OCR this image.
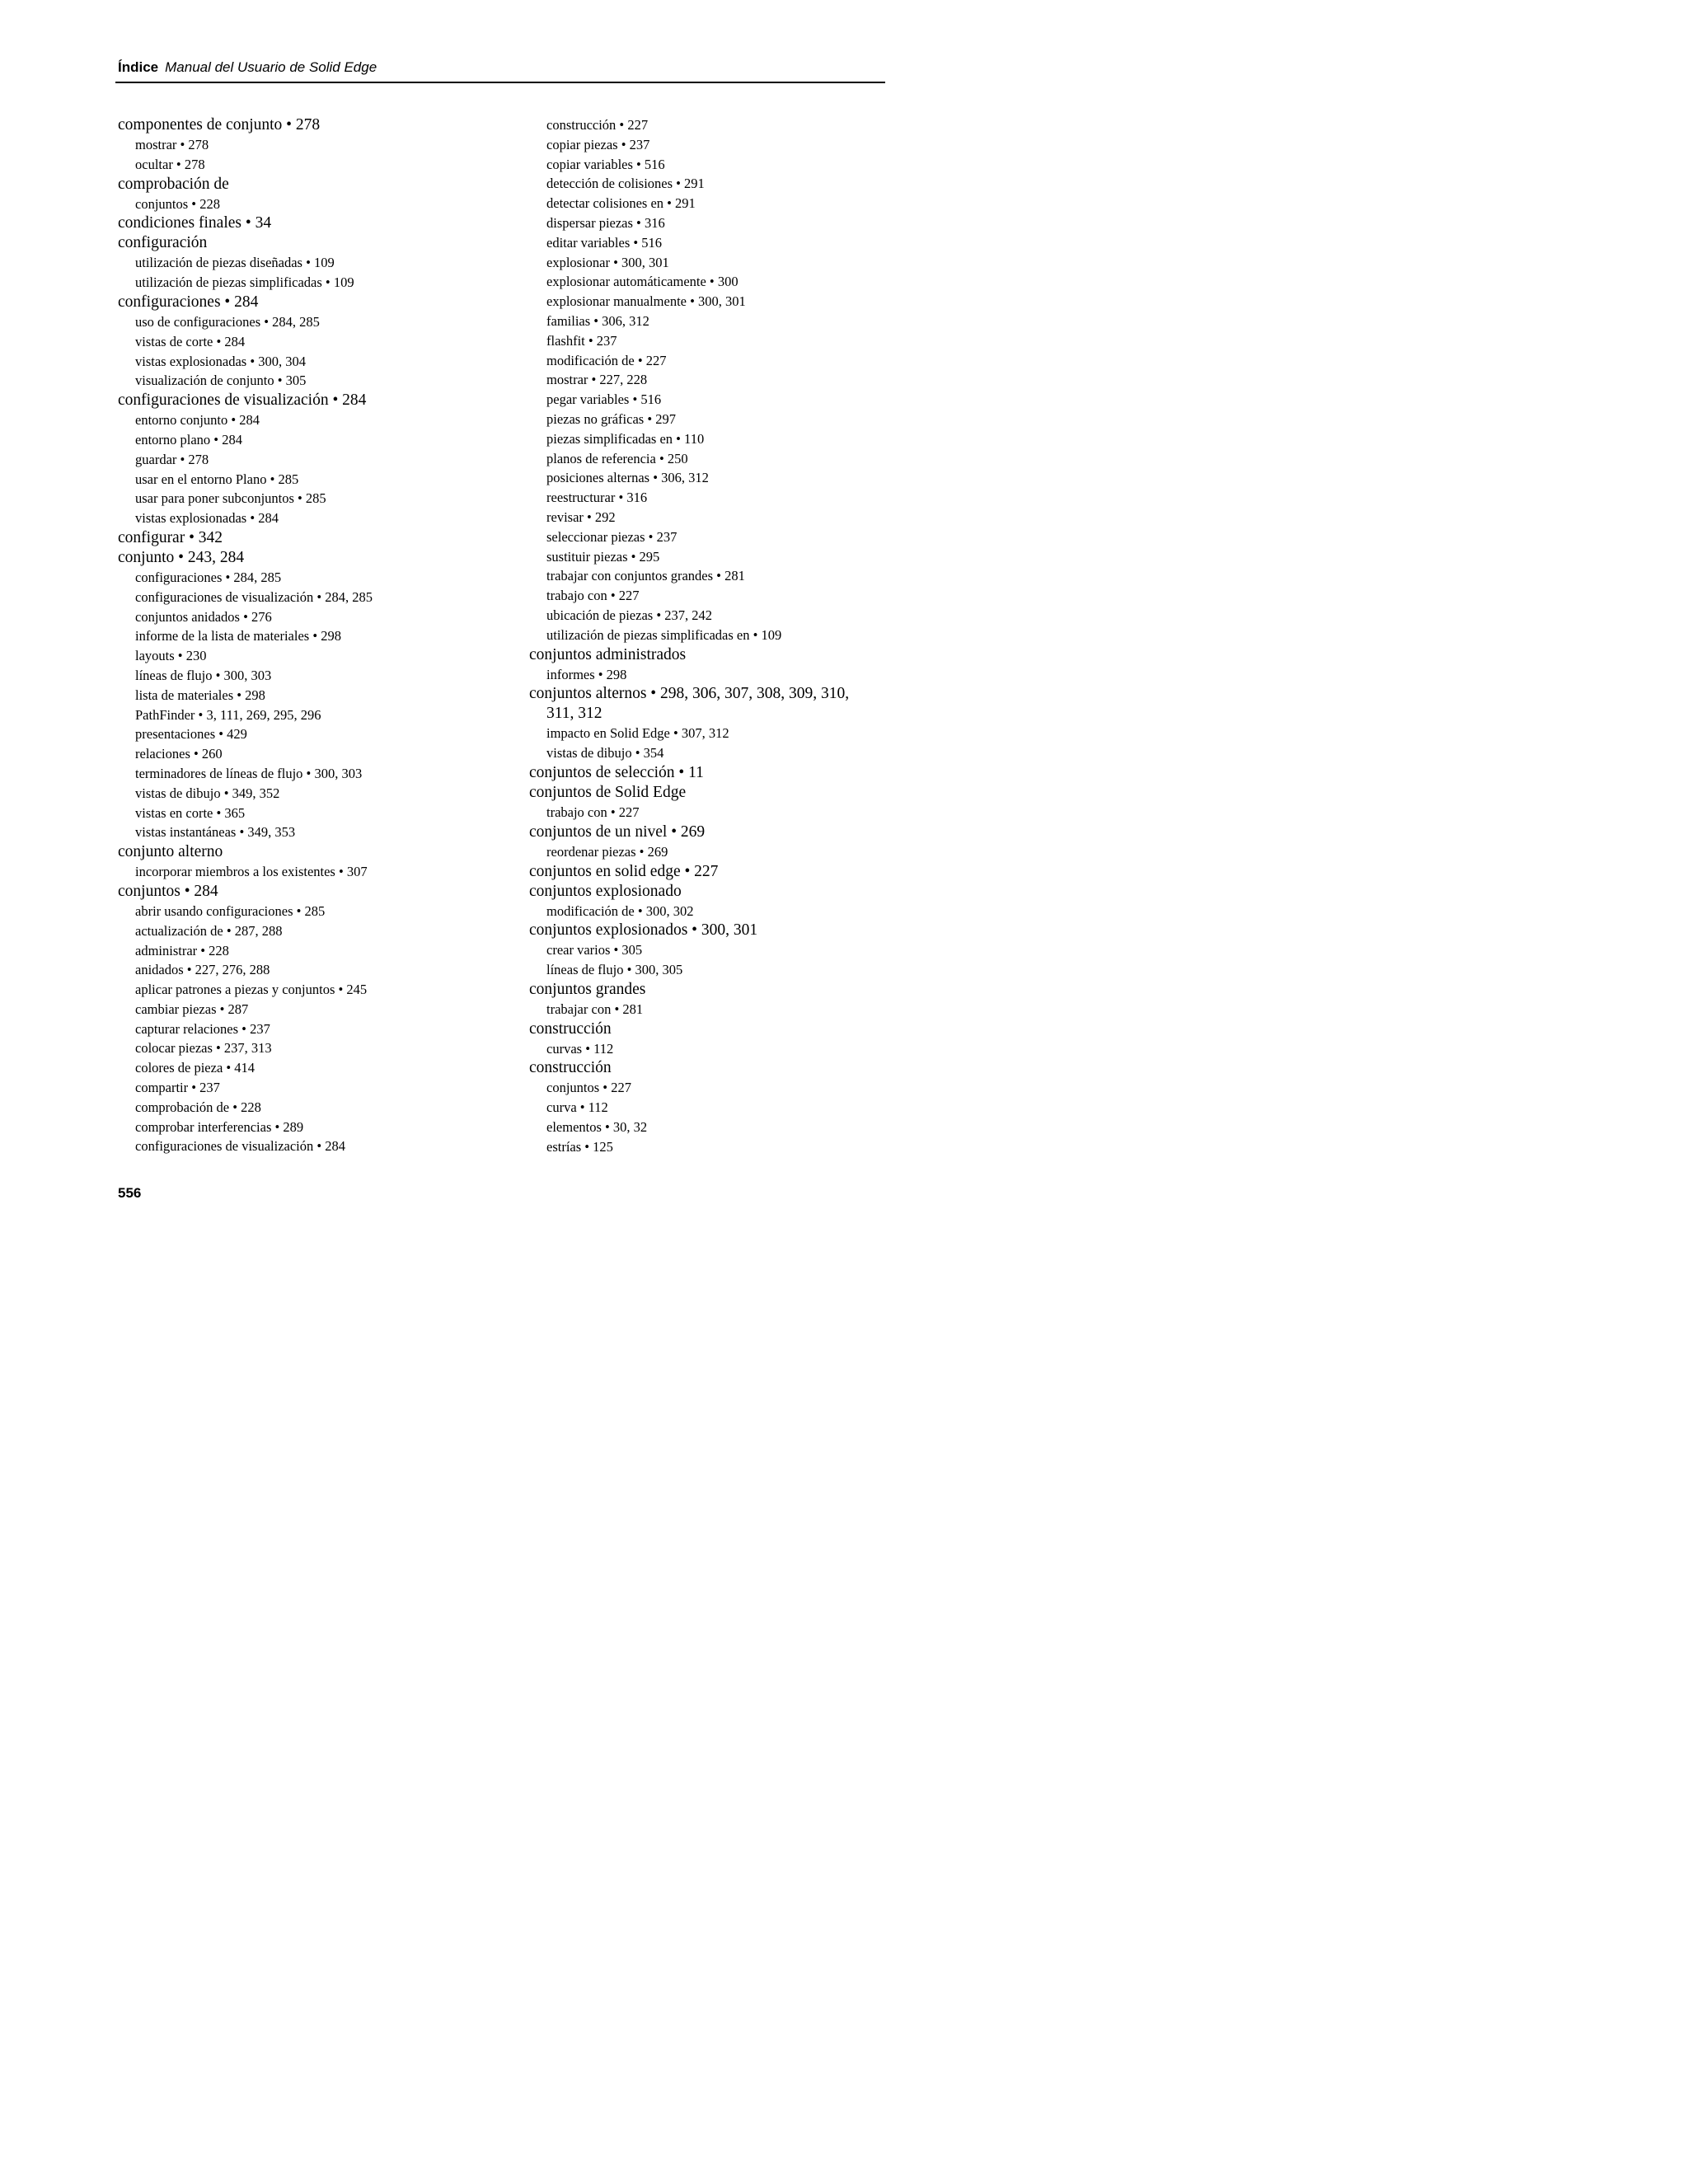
Índice Manual del Usuario de Solid Edge
componentes de conjunto • 278
mostrar • 278
ocultar • 278
comprobación de
conjuntos • 228
condiciones finales • 34
configuración
utilización de piezas diseñadas • 109
utilización de piezas simplificadas • 109
configuraciones • 284
uso de configuraciones • 284, 285
vistas de corte • 284
vistas explosionadas • 300, 304
visualización de conjunto • 305
configuraciones de visualización • 284
entorno conjunto • 284
entorno plano • 284
guardar • 278
usar en el entorno Plano • 285
usar para poner subconjuntos • 285
vistas explosionadas • 284
configurar • 342
conjunto • 243, 284
configuraciones • 284, 285
configuraciones de visualización • 284, 285
conjuntos anidados • 276
informe de la lista de materiales • 298
layouts • 230
líneas de flujo • 300, 303
lista de materiales • 298
PathFinder • 3, 111, 269, 295, 296
presentaciones • 429
relaciones • 260
terminadores de líneas de flujo • 300, 303
vistas de dibujo • 349, 352
vistas en corte • 365
vistas instantáneas • 349, 353
conjunto alterno
incorporar miembros a los existentes • 307
conjuntos • 284
abrir usando configuraciones • 285
actualización de • 287, 288
administrar • 228
anidados • 227, 276, 288
aplicar patrones a piezas y conjuntos • 245
cambiar piezas • 287
capturar relaciones • 237
colocar piezas • 237, 313
colores de pieza • 414
compartir • 237
comprobación de • 228
comprobar interferencias • 289
configuraciones de visualización • 284
construcción • 227
copiar piezas • 237
copiar variables • 516
detección de colisiones • 291
detectar colisiones en • 291
dispersar piezas • 316
editar variables • 516
explosionar • 300, 301
explosionar automáticamente • 300
explosionar manualmente • 300, 301
familias • 306, 312
flashfit • 237
modificación de • 227
mostrar • 227, 228
pegar variables • 516
piezas no gráficas • 297
piezas simplificadas en • 110
planos de referencia • 250
posiciones alternas • 306, 312
reestructurar • 316
revisar • 292
seleccionar piezas • 237
sustituir piezas • 295
trabajar con conjuntos grandes • 281
trabajo con • 227
ubicación de piezas • 237, 242
utilización de piezas simplificadas en • 109
conjuntos administrados
informes • 298
conjuntos alternos • 298, 306, 307, 308, 309, 310,
311, 312
impacto en Solid Edge • 307, 312
vistas de dibujo • 354
conjuntos de selección • 11
conjuntos de Solid Edge
trabajo con • 227
conjuntos de un nivel • 269
reordenar piezas • 269
conjuntos en solid edge • 227
conjuntos explosionado
modificación de • 300, 302
conjuntos explosionados • 300, 301
crear varios • 305
líneas de flujo • 300, 305
conjuntos grandes
trabajar con • 281
construcción
curvas • 112
construcción
conjuntos • 227
curva • 112
elementos • 30, 32
estrías • 125
556
